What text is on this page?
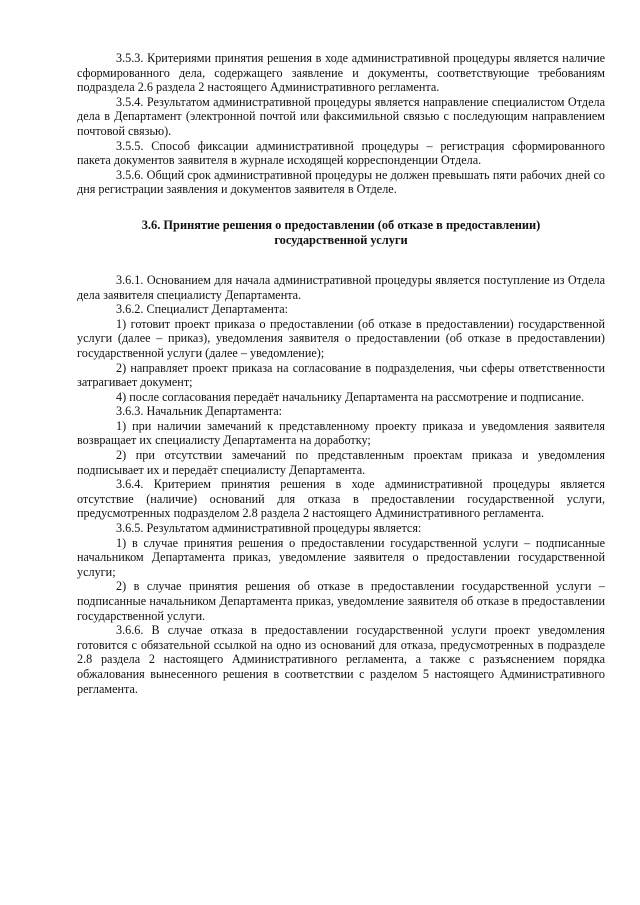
3.5.3. Критериями принятия решения в ходе административной процедуры является наличие сформированного дела, содержащего заявление и документы, соответствующие требованиям подраздела 2.6 раздела 2 настоящего Административного регламента.

3.5.4. Результатом административной процедуры является направление специалистом Отдела дела в Департамент (электронной почтой или факсимильной связью с последующим направлением почтовой связью).

3.5.5. Способ фиксации административной процедуры – регистрация сформированного пакета документов заявителя в журнале исходящей корреспонденции Отдела.

3.5.6. Общий срок административной процедуры не должен превышать пяти рабочих дней со дня регистрации заявления и документов заявителя в Отделе.

3.6. Принятие решения о предоставлении (об отказе в предоставлении)
государственной услуги

3.6.1. Основанием для начала административной процедуры является поступление из Отдела дела заявителя специалисту Департамента.

3.6.2. Специалист Департамента:

1) готовит проект приказа о предоставлении (об отказе в предоставлении) государственной услуги (далее – приказ), уведомления заявителя о предоставлении (об отказе в предоставлении) государственной услуги (далее – уведомление);

2) направляет проект приказа на согласование в подразделения, чьи сферы ответственности затрагивает документ;

4) после согласования передаёт начальнику Департамента на рассмотрение и подписание.

3.6.3. Начальник Департамента:

1) при наличии замечаний к представленному проекту приказа и уведомления заявителя возвращает их специалисту Департамента на доработку;

2) при отсутствии замечаний по представленным проектам приказа и уведомления подписывает их и передаёт специалисту Департамента.

3.6.4. Критерием принятия решения в ходе административной процедуры является отсутствие (наличие) оснований для отказа в предоставлении государственной услуги, предусмотренных подразделом 2.8 раздела 2 настоящего Административного регламента.

3.6.5. Результатом административной процедуры является:

1) в случае принятия решения о предоставлении государственной услуги – подписанные начальником Департамента приказ, уведомление заявителя о предоставлении государственной услуги;

2) в случае принятия решения об отказе в предоставлении государственной услуги – подписанные начальником Департамента приказ, уведомление заявителя об отказе в предоставлении государственной услуги.

3.6.6. В случае отказа в предоставлении государственной услуги проект уведомления готовится с обязательной ссылкой на одно из оснований для отказа, предусмотренных в подразделе 2.8 раздела 2 настоящего Административного регламента, а также с разъяснением порядка обжалования вынесенного решения в соответствии с разделом 5 настоящего Административного регламента.
